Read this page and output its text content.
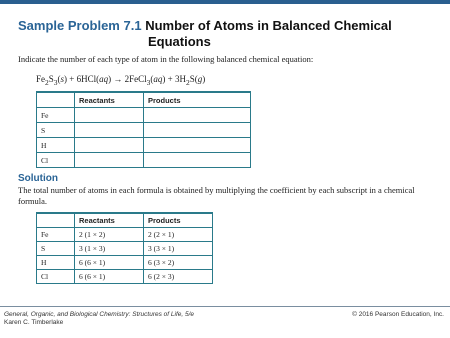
Sample Problem 7.1 Number of Atoms in Balanced Chemical
Equations
Indicate the number of each type of atom in the following balanced chemical equation:
$Fe_2S_3(s) + 6HCl(aq)$ → 2FeCl$_3$(aq) + $3H_2S(g)$
	Reactants	Products
Fe		
S		
H		
Cl		
Solution
The total number of atoms in each formula is obtained by multiplying the coefficient by each subscript in a chemical formula.
	Reactants	Products
Fe	2 (1 × 2)	2 (2 × 1)
S	3 (1 × 3)	3 (3 × 1)
H	6 (6 × 1)	6 (3 × 2)
Cl	6 (6 × 1)	6 (2 × 3)
General, Organic, and Biological Chemistry: Structures of Life, 5/e
Karen C. Timberlake
© 2016 Pearson Education, Inc.
